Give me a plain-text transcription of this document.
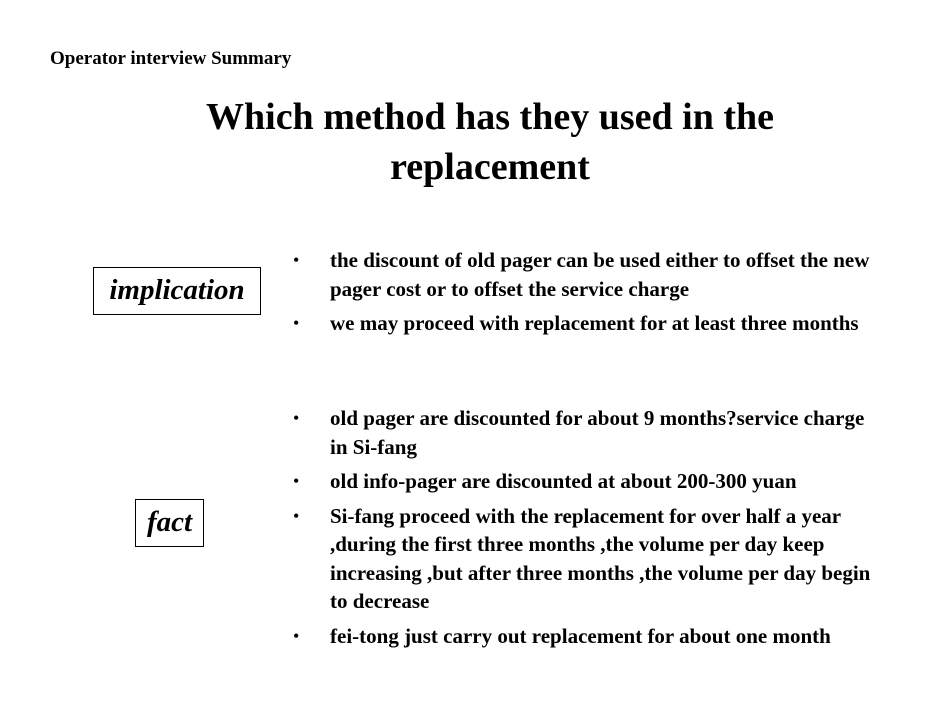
Operator interview Summary
Which method has they used in the
replacement
implication
• the discount of old pager can be used either to offset the new pager cost or to offset the service charge
• we may proceed with replacement for at least three months
fact
• old pager are discounted for about 9 months?service charge in Si-fang
• old info-pager are discounted at about 200-300 yuan
• Si-fang proceed with the replacement for over half a year ,during the first three months ,the volume per day keep increasing ,but after three months ,the volume per day begin to decrease
• fei-tong just carry out replacement for about one month
